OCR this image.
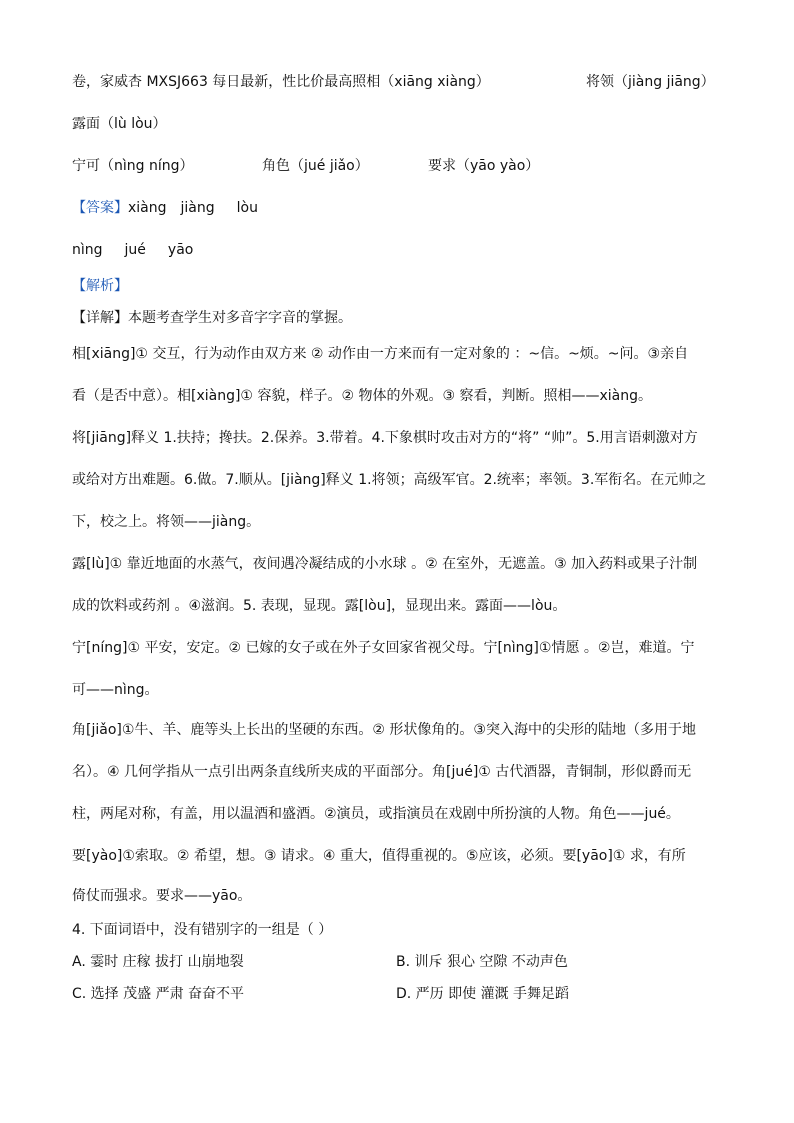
卷，家威杏 MXSJ663 每日最新，性比价最高照相（xiāng xiàng）	将领（jiàng jiāng）
露面（lù lòu）
宁可（nìng níng）	角色（jué jiǎo）	要求（yāo yào）
【答案】xiàng jiàng lòu
nìng jué yāo
【解析】
【详解】本题考查学生对多音字字音的掌握。
相[xiāng]① 交互，行为动作由双方来 ② 动作由一方来而有一定对象的 ：~信。~烦。~问。③亲自
看（是否中意）。相[xiàng]① 容貌，样子。② 物体的外观。③ 察看，判断。照相——xiàng。
将[jiāng]释义 1.扶持；搀扶。2.保养。3.带着。4.下象棋时攻击对方的“将” “帅”。5.用言语刺激对方
或给对方出难题。6.做。7.顺从。[jiàng]释义 1.将领；高级军官。2.统率；率领。3.军衔名。在元帅之
下，校之上。将领——jiàng。
露[lù]① 靠近地面的水蒸气，夜间遇冷凝结成的小水球 。② 在室外，无遮盖。③ 加入药料或果子汁制
成的饮料或药剂 。④滋润。5. 表现，显现。露[lòu]，显现出来。露面——lòu。
宁[níng]① 平安，安定。② 已嫁的女子或在外子女回家省视父母。宁[nìng]①情愿 。②岂，难道。宁
可——nìng。
角[jiǎo]①牛、羊、鹿等头上长出的坚硬的东西。② 形状像角的。③突入海中的尖形的陆地（多用于地
名）。④ 几何学指从一点引出两条直线所夹成的平面部分。角[jué]① 古代酒器，青铜制，形似爵而无
柱，两尾对称，有盖，用以温酒和盛酒。②演员，或指演员在戏剧中所扮演的人物。角色——jué。
要[yào]①索取。② 希望，想。③ 请求。④ 重大，值得重视的。⑤应该，必须。要[yāo]① 求，有所
倚仗而强求。要求——yāo。
4. 下面词语中，没有错别字的一组是（ ）
A. 霎时 庄稼 拔打 山崩地裂	B. 训斥 狠心 空隙 不动声色
C. 选择 茂盛 严肃 奋奋不平	D. 严历 即使 灌溉 手舞足蹈
